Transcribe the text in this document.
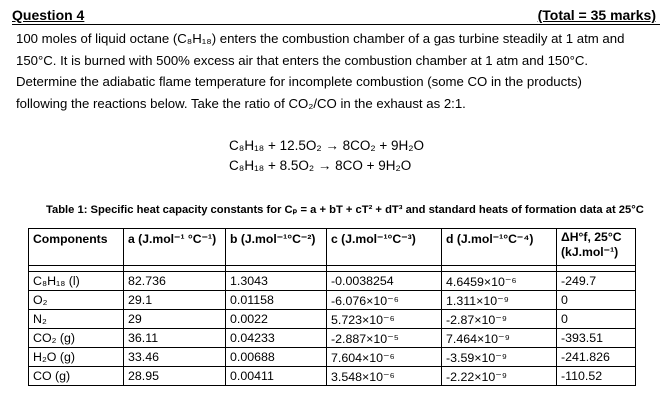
Question 4	(Total = 35 marks)
100 moles of liquid octane (C₈H₁₈) enters the combustion chamber of a gas turbine steadily at 1 atm and
150°C. It is burned with 500% excess air that enters the combustion chamber at 1 atm and 150°C.
Determine the adiabatic flame temperature for incomplete combustion (some CO in the products)
following the reactions below. Take the ratio of CO₂/CO in the exhaust as 2:1.
C₈H₁₈ + 12.5O₂ → 8CO₂ + 9H₂O
C₈H₁₈ + 8.5O₂ → 8CO + 9H₂O
Table 1: Specific heat capacity constants for Cₚ = a + bT + cT² + dT³ and standard heats of formation data at 25°C
Components	a (J.mol⁻¹ °C⁻¹)	b (J.mol⁻¹°C⁻²)	c (J.mol⁻¹°C⁻³)	d (J.mol⁻¹°C⁻⁴)	ΔH°f, 25°C (kJ.mol⁻¹)

C₈H₁₈ (l)	82.736	1.3043	-0.0038254	4.6459×10⁻⁶	-249.7
O₂	29.1	0.01158	-6.076×10⁻⁶	1.311×10⁻⁹	0
N₂	29	0.0022	5.723×10⁻⁶	-2.87×10⁻⁹	0
CO₂ (g)	36.11	0.04233	-2.887×10⁻⁵	7.464×10⁻⁹	-393.51
H₂O (g)	33.46	0.00688	7.604×10⁻⁶	-3.59×10⁻⁹	-241.826
CO (g)	28.95	0.00411	3.548×10⁻⁶	-2.22×10⁻⁹	-110.52
